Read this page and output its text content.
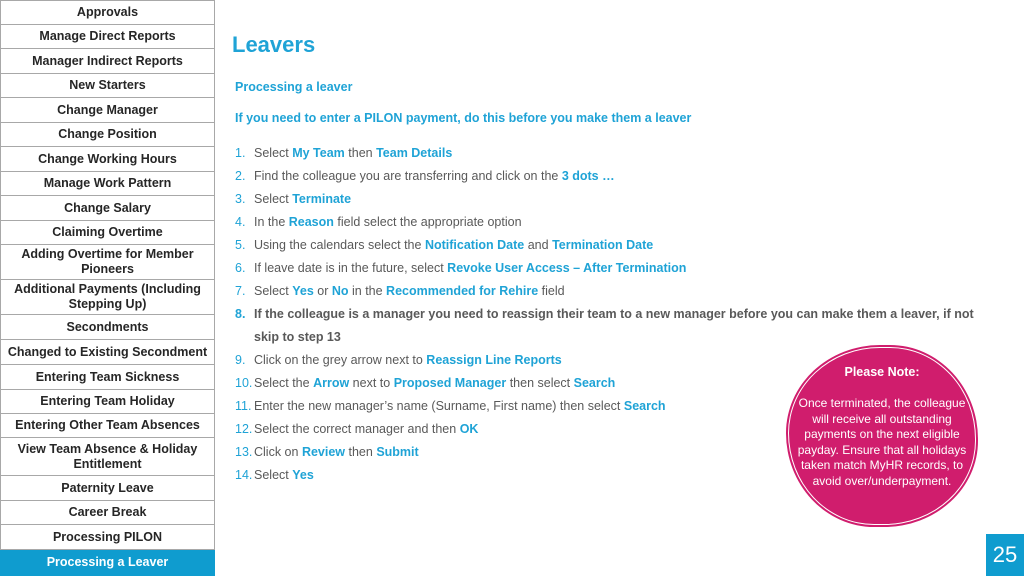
Approvals
Manage Direct Reports
Manager Indirect Reports
New Starters
Change Manager
Change Position
Change Working Hours
Manage Work Pattern
Change Salary
Claiming Overtime
Adding Overtime for Member Pioneers
Additional Payments (Including Stepping Up)
Secondments
Changed to Existing Secondment
Entering Team Sickness
Entering Team Holiday
Entering Other Team Absences
View Team Absence & Holiday Entitlement
Paternity Leave
Career Break
Processing PILON
Processing a Leaver
Leavers
Processing a leaver
If you need to enter a PILON payment, do this before you make them a leaver
1. Select My Team then Team Details
2. Find the colleague you are transferring and click on the 3 dots …
3. Select Terminate
4. In the Reason field select the appropriate option
5. Using the calendars select the Notification Date and Termination Date
6. If leave date is in the future, select Revoke User Access – After Termination
7. Select Yes or No in the Recommended for Rehire field
8. If the colleague is a manager you need to reassign their team to a new manager before you can make them a leaver, if not skip to step 13
9. Click on the grey arrow next to Reassign Line Reports
10. Select the Arrow next to Proposed Manager then select Search
11. Enter the new manager’s name (Surname, First name) then select Search
12. Select the correct manager and then OK
13. Click on Review then Submit
14. Select Yes
Please Note:
Once terminated, the colleague will receive all outstanding payments on the next eligible payday. Ensure that all holidays taken match MyHR records, to avoid over/underpayment.
25
